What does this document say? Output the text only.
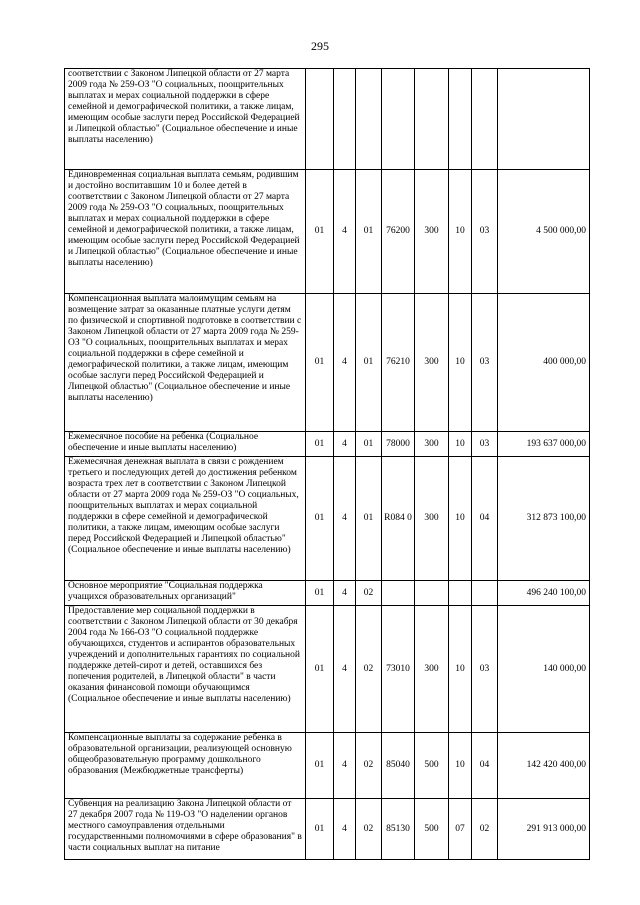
295
соответствии с Законом Липецкой области от 27 марта 2009 года № 259-ОЗ "О социальных, поощрительных выплатах и мерах социальной поддержки в сфере семейной и демографической политики, а также лицам, имеющим особые заслуги перед Российской Федерацией и Липецкой областью" (Социальное обеспечение и иные выплаты населению)								
Единовременная социальная выплата семьям, родившим и достойно воспитавшим 10 и более детей в соответствии с Законом Липецкой области от 27 марта 2009 года № 259-ОЗ "О социальных, поощрительных выплатах и мерах социальной поддержки в сфере семейной и демографической политики, а также лицам, имеющим особые заслуги перед Российской Федерацией и Липецкой областью" (Социальное обеспечение и иные выплаты населению)	01	4	01	76200	300	10	03	4 500 000,00
Компенсационная выплата малоимущим семьям на возмещение затрат за оказанные платные услуги детям по физической и спортивной подготовке в соответствии с Законом Липецкой области от 27 марта 2009 года № 259-ОЗ "О социальных, поощрительных выплатах и мерах социальной поддержки в сфере семейной и демографической политики, а также лицам, имеющим особые заслуги перед Российской Федерацией и Липецкой областью" (Социальное обеспечение и иные выплаты населению)	01	4	01	76210	300	10	03	400 000,00
Ежемесячное пособие на ребенка (Социальное обеспечение и иные выплаты населению)	01	4	01	78000	300	10	03	193 637 000,00
Ежемесячная денежная выплата в связи с рождением третьего и последующих детей до достижения ребенком возраста трех лет в соответствии с Законом Липецкой области от 27 марта 2009 года № 259-ОЗ "О социальных, поощрительных выплатах и мерах социальной поддержки в сфере семейной и демографической политики, а также лицам, имеющим особые заслуги перед Российской Федерацией и Липецкой областью" (Социальное обеспечение и иные выплаты населению)	01	4	01	R084 0	300	10	04	312 873 100,00
Основное мероприятие "Социальная поддержка учащихся образовательных организаций"	01	4	02					496 240 100,00
Предоставление мер социальной поддержки в соответствии с Законом Липецкой области от 30 декабря 2004 года № 166-ОЗ "О социальной поддержке обучающихся, студентов и аспирантов образовательных учреждений и дополнительных гарантиях по социальной поддержке детей-сирот и детей, оставшихся без попечения родителей, в Липецкой области" в части оказания финансовой помощи обучающимся (Социальное обеспечение и иные выплаты населению)	01	4	02	73010	300	10	03	140 000,00
Компенсационные выплаты за содержание ребенка в образовательной организации, реализующей основную общеобразовательную программу дошкольного образования (Межбюджетные трансферты)	01	4	02	85040	500	10	04	142 420 400,00
Субвенция на реализацию Закона Липецкой области от 27 декабря 2007 года № 119-ОЗ "О наделении органов местного самоуправления отдельными государственными полномочиями в сфере образования" в части социальных выплат на питание	01	4	02	85130	500	07	02	291 913 000,00
